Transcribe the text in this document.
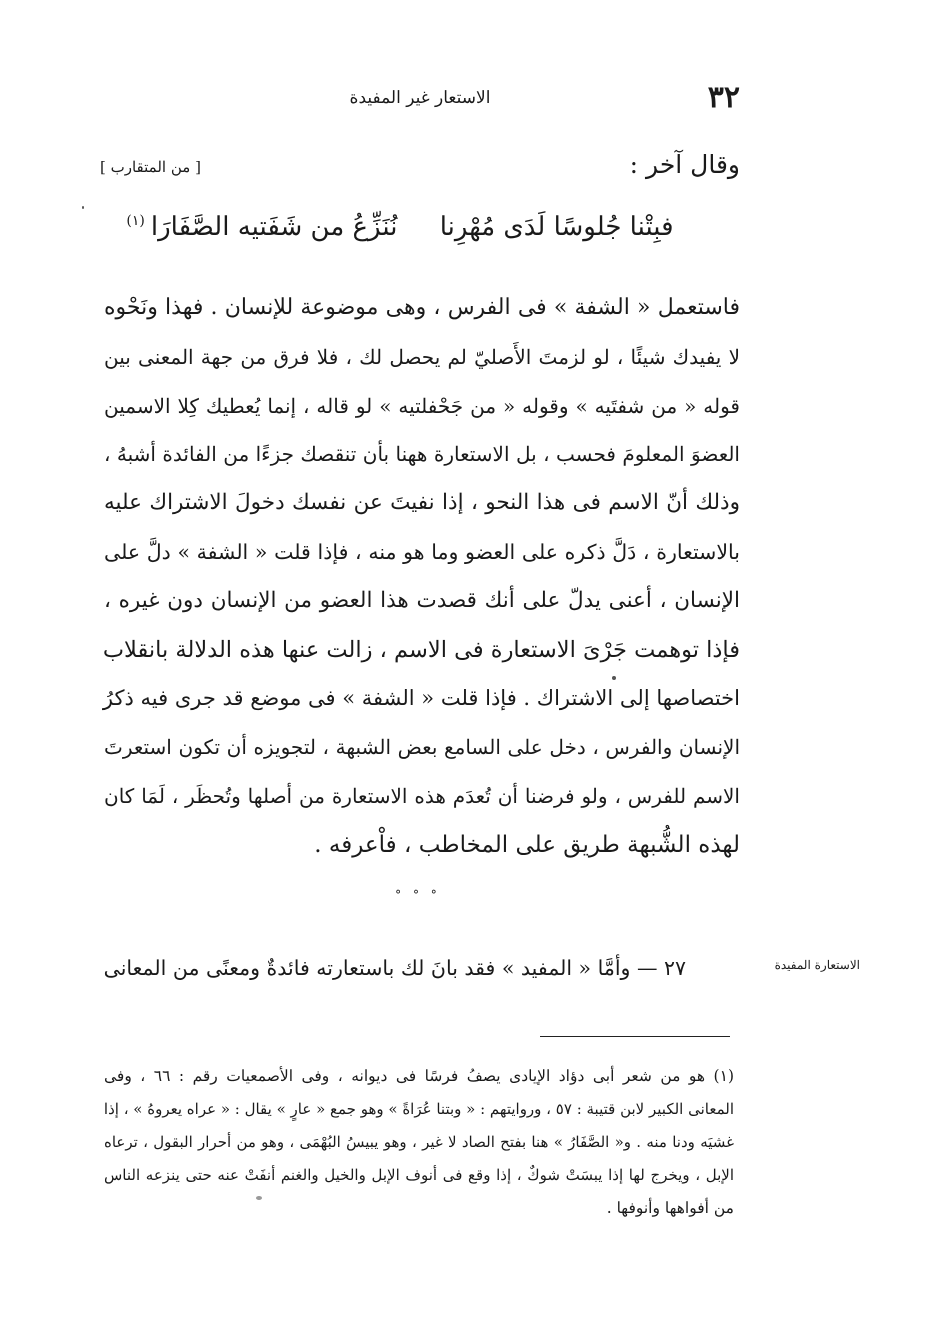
٣٢
الاستعار غير المفيدة
وقال آخر :
[ من المتقارب ]
فبِتْنا جُلوسًا لَدَى مُهْرِنا نُنَزِّعُ من شَفَتيه الصَّفَارَا$^{(١)}$
فاستعمل « الشفة » فى الفرس ، وهى موضوعة للإنسان . فهذا ونَحْوه
لا يفيدك شيئًا ، لو لزمتَ الأَصليّ لم يحصل لك ، فلا فرق من جهة المعنى بين
قوله « من شفتَيه » وقوله « من جَحْفلتيه » لو قاله ، إنما يُعطيك كِلا الاسمين
العضوَ المعلومَ فحسب ، بل الاستعارة ههنا بأن تنقصك جزءًا من الفائدة أشبهُ ،
وذلك أنّ الاسم فى هذا النحو ، إذا نفيتَ عن نفسك دخولَ الاشتراك عليه
بالاستعارة ، دَلَّ ذكره على العضو وما هو منه ، فإذا قلت « الشفة » دلَّ على
الإنسان ، أعنى يدلّ على أنك قصدت هذا العضو من الإنسان دون غيره ،
فإذا توهمت جَرْىَ الاستعارة فى الاسم ، زالت عنها هذه الدلالة بانقلاب
اختصاصها إلى الاشتراك . فإذا قلت « الشفة » فى موضع قد جرى فيه ذكرُ
الإنسان والفرس ، دخل على السامع بعض الشبهة ، لتجويزه أن تكون استعرتَ
الاسم للفرس ، ولو فرضنا أن تُعدَم هذه الاستعارة من أصلها وتُحظَر ، لَمَا كان
لهذه الشُّبهة طريق على المخاطب ، فاْعرفه .
° ° °
٢٧ — وأمَّا « المفيد » فقد بانَ لك باستعارته فائدةٌ ومعنًى من المعانى	الاستعارة المفيدة
(١) هو من شعر أبى دؤاد الإيادى يصفُ فرسًا فى ديوانه ، وفى الأصمعيات رقم : ٦٦ ، وفى
المعانى الكبير لابن قتيبة : ٥٧ ، وروايتهم : « وبتنا عُرَاةً » وهو جمع « عارٍ » يقال : « عراه يعروهُ » ، إذا
غشيَه ودنا منه . و« الصَّفَارُ » هنا بفتح الصاد لا غير ، وهو يبيسُ البُهْمَى ، وهو من أحرار البقول ، ترعاه
الإبل ، ويخرج لها إذا يبسَتْ شوكٌ ، إذا وقع فى أنوف الإبل والخيل والغنم أنفَتْ عنه حتى ينزعه الناس
من أفواهها وأنوفها .
